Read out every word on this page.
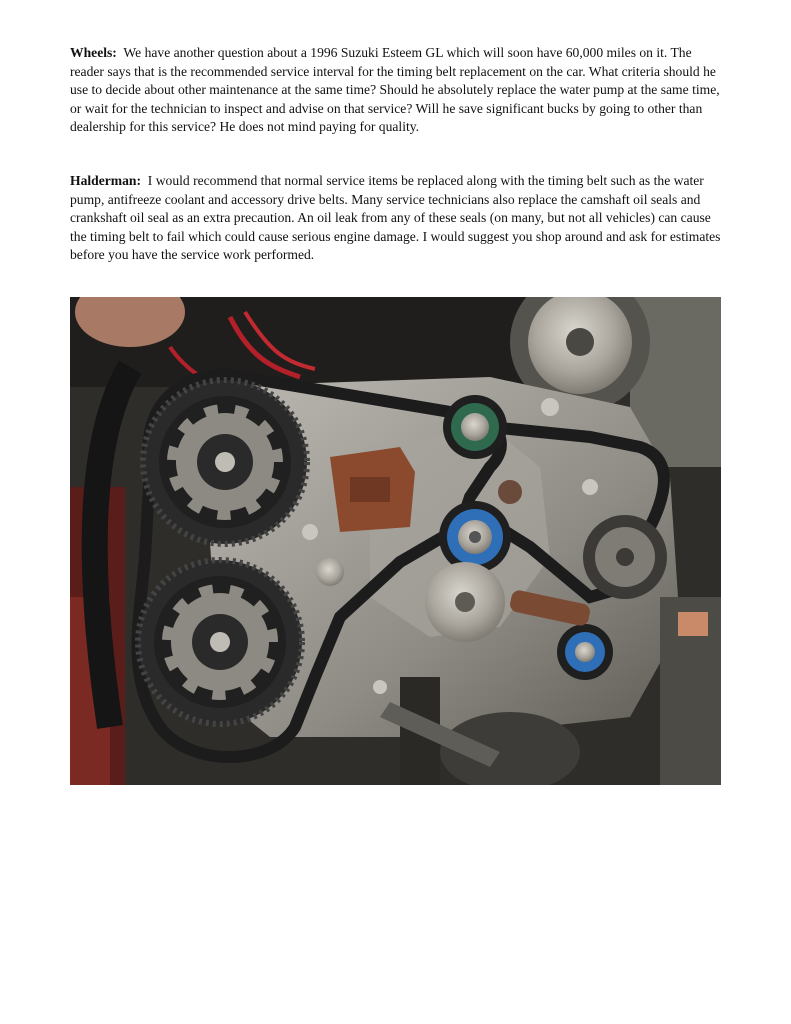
Wheels: We have another question about a 1996 Suzuki Esteem GL which will soon have 60,000 miles on it. The reader says that is the recommended service interval for the timing belt replacement on the car. What criteria should he use to decide about other maintenance at the same time? Should he absolutely replace the water pump at the same time, or wait for the technician to inspect and advise on that service? Will he save significant bucks by going to other than dealership for this service? He does not mind paying for quality.

Halderman: I would recommend that normal service items be replaced along with the timing belt such as the water pump, antifreeze coolant and accessory drive belts. Many service technicians also replace the camshaft oil seals and crankshaft oil seal as an extra precaution. An oil leak from any of these seals (on many, but not all vehicles) can cause the timing belt to fail which could cause serious engine damage. I would suggest you shop around and ask for estimates before you have the service work performed.
